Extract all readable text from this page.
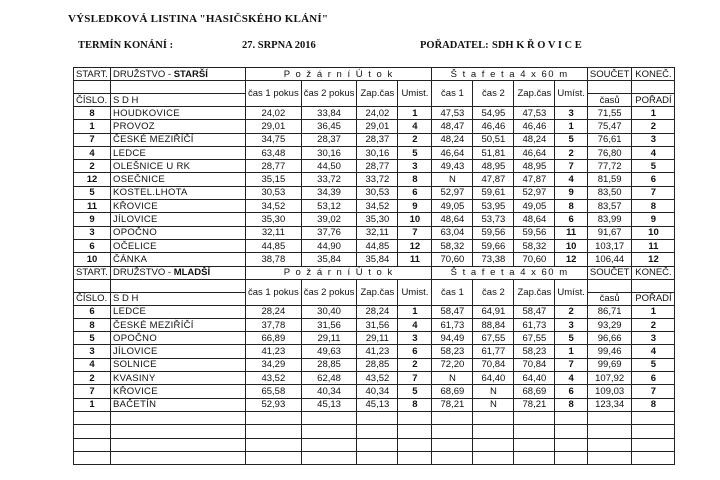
VÝSLEDKOVÁ LISTINA "HASIČSKÉHO KLÁNÍ"
TERMÍN KONÁNÍ :	27. SRPNA 2016	POŘADATEL: SDH K Ř O V I C E
START.	DRUŽSTVO - STARŠÍ	P o ž á r n í Ú t o k				Š t a f e t a 4 x 60 m				SOUČET	KONEČ.
		čas 1 pokus	čas 2 pokus	Zap.čas	Umist.	čas 1	čas 2	Zap.čas	Umíst.		
ČÍSLO.	S D H									časů	POŘADÍ
8	HOUDKOVICE	24,02	33,84	24,02	1	47,53	54,95	47,53	3	71,55	1
1	PROVOZ	29,01	36,45	29,01	4	48,47	46,46	46,46	1	75,47	2
7	ČESKÉ MEZIŘÍČÍ	34,75	28,37	28,37	2	48,24	50,51	48,24	5	76,61	3
4	LEDCE	63,48	30,16	30,16	5	46,64	51,81	46,64	2	76,80	4
2	OLEŠNICE U RK	28,77	44,50	28,77	3	49,43	48,95	48,95	7	77,72	5
12	OSEČNICE	35,15	33,72	33,72	8	N	47,87	47,87	4	81,59	6
5	KOSTEL.LHOTA	30,53	34,39	30,53	6	52,97	59,61	52,97	9	83,50	7
11	KŘOVICE	34,52	53,12	34,52	9	49,05	53,95	49,05	8	83,57	8
9	JÍLOVICE	35,30	39,02	35,30	10	48,64	53,73	48,64	6	83,99	9
3	OPOČNO	32,11	37,76	32,11	7	63,04	59,56	59,56	11	91,67	10
6	OČELICE	44,85	44,90	44,85	12	58,32	59,66	58,32	10	103,17	11
10	ČÁNKA	38,78	35,84	35,84	11	70,60	73,38	70,60	12	106,44	12
START.	DRUŽSTVO - MLADŠÍ	P o ž á r n í Ú t o k				Š t a f e t a 4 x 60 m				SOUČET	KONEČ.
		čas 1 pokus	čas 2 pokus	Zap.čas	Umist.	čas 1	čas 2	Zap.čas	Umíst.		
ČÍSLO.	S D H									časů	POŘADÍ
6	LEDCE	28,24	30,40	28,24	1	58,47	64,91	58,47	2	86,71	1
8	ČESKÉ MEZIŘÍČÍ	37,78	31,56	31,56	4	61,73	88,84	61,73	3	93,29	2
5	OPOČNO	66,89	29,11	29,11	3	94,49	67,55	67,55	5	96,66	3
3	JÍLOVICE	41,23	49,63	41,23	6	58,23	61,77	58,23	1	99,46	4
4	SOLNICE	34,29	28,85	28,85	2	72,20	70,84	70,84	7	99,69	5
2	KVASINY	43,52	62,48	43,52	7	N	64,40	64,40	4	107,92	6
7	KŘOVICE	65,58	40,34	40,34	5	68,69	N	68,69	6	109,03	7
1	BAČETÍN	52,93	45,13	45,13	8	78,21	N	78,21	8	123,34	8
